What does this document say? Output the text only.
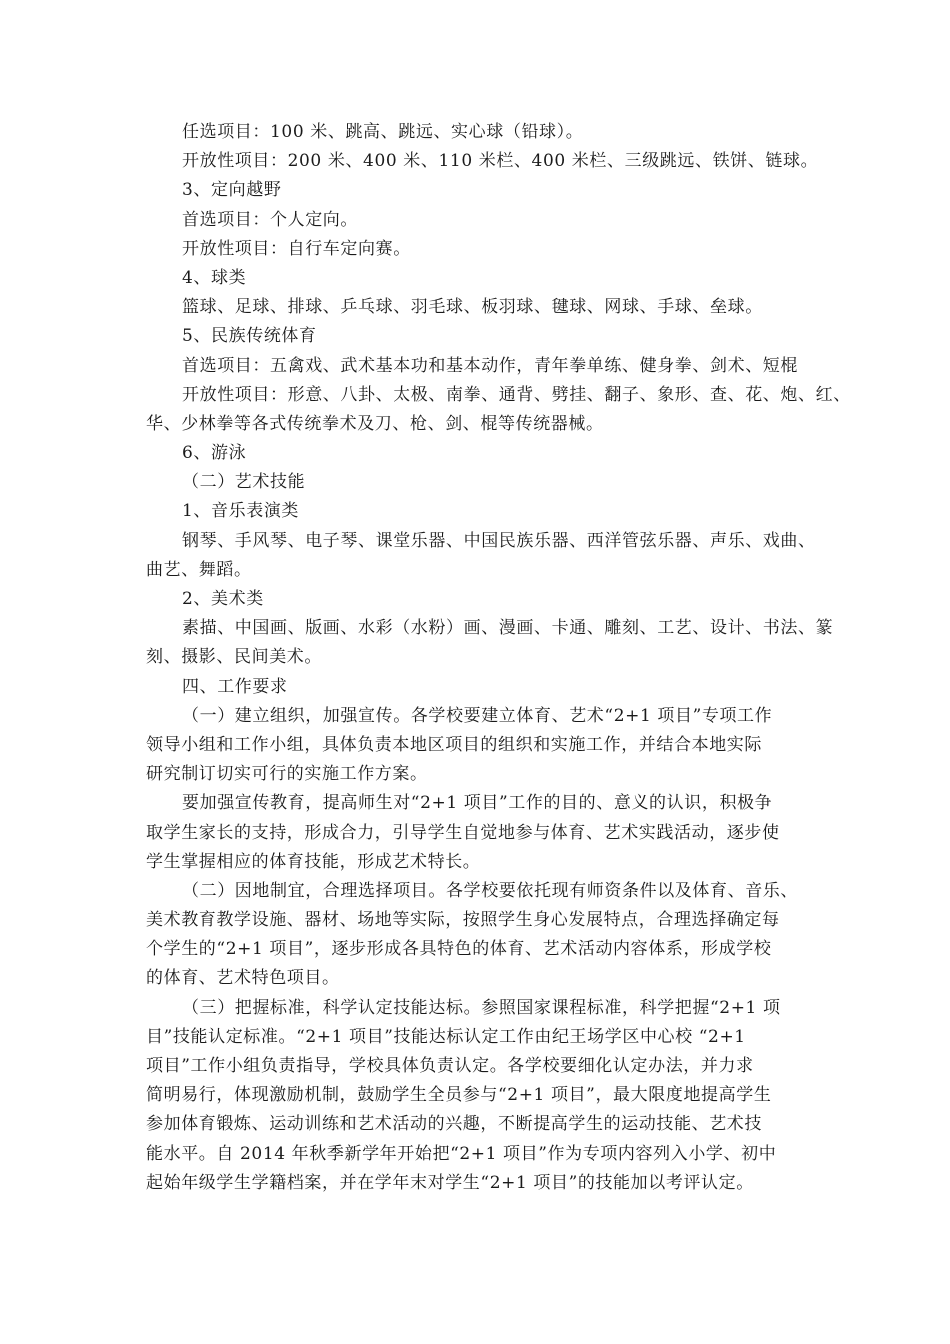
任选项目：100 米、跳高、跳远、实心球（铅球）。
开放性项目：200 米、400 米、110 米栏、400 米栏、三级跳远、铁饼、链球。
3、定向越野
首选项目：个人定向。
开放性项目：自行车定向赛。
4、球类
篮球、足球、排球、乒乓球、羽毛球、板羽球、毽球、网球、手球、垒球。
5、民族传统体育
首选项目：五禽戏、武术基本功和基本动作，青年拳单练、健身拳、剑术、短棍
开放性项目：形意、八卦、太极、南拳、通背、劈挂、翻子、象形、查、花、炮、红、
华、少林拳等各式传统拳术及刀、枪、剑、棍等传统器械。
6、游泳
（二）艺术技能
1、音乐表演类
钢琴、手风琴、电子琴、课堂乐器、中国民族乐器、西洋管弦乐器、声乐、戏曲、
曲艺、舞蹈。
2、美术类
素描、中国画、版画、水彩（水粉）画、漫画、卡通、雕刻、工艺、设计、书法、篆
刻、摄影、民间美术。
四、工作要求
（一）建立组织，加强宣传。各学校要建立体育、艺术“2+1 项目”专项工作
领导小组和工作小组，具体负责本地区项目的组织和实施工作，并结合本地实际
研究制订切实可行的实施工作方案。
要加强宣传教育，提高师生对“2+1 项目”工作的目的、意义的认识，积极争
取学生家长的支持，形成合力，引导学生自觉地参与体育、艺术实践活动，逐步使
学生掌握相应的体育技能，形成艺术特长。
（二）因地制宜，合理选择项目。各学校要依托现有师资条件以及体育、音乐、
美术教育教学设施、器材、场地等实际，按照学生身心发展特点，合理选择确定每
个学生的“2+1 项目”，逐步形成各具特色的体育、艺术活动内容体系，形成学校
的体育、艺术特色项目。
（三）把握标准，科学认定技能达标。参照国家课程标准，科学把握“2+1 项
目”技能认定标准。“2+1 项目”技能达标认定工作由纪王场学区中心校 “2+1
项目”工作小组负责指导，学校具体负责认定。各学校要细化认定办法，并力求
简明易行，体现激励机制，鼓励学生全员参与“2+1 项目”，最大限度地提高学生
参加体育锻炼、运动训练和艺术活动的兴趣，不断提高学生的运动技能、艺术技
能水平。自 2014 年秋季新学年开始把“2+1 项目”作为专项内容列入小学、初中
起始年级学生学籍档案，并在学年末对学生“2+1 项目”的技能加以考评认定。
